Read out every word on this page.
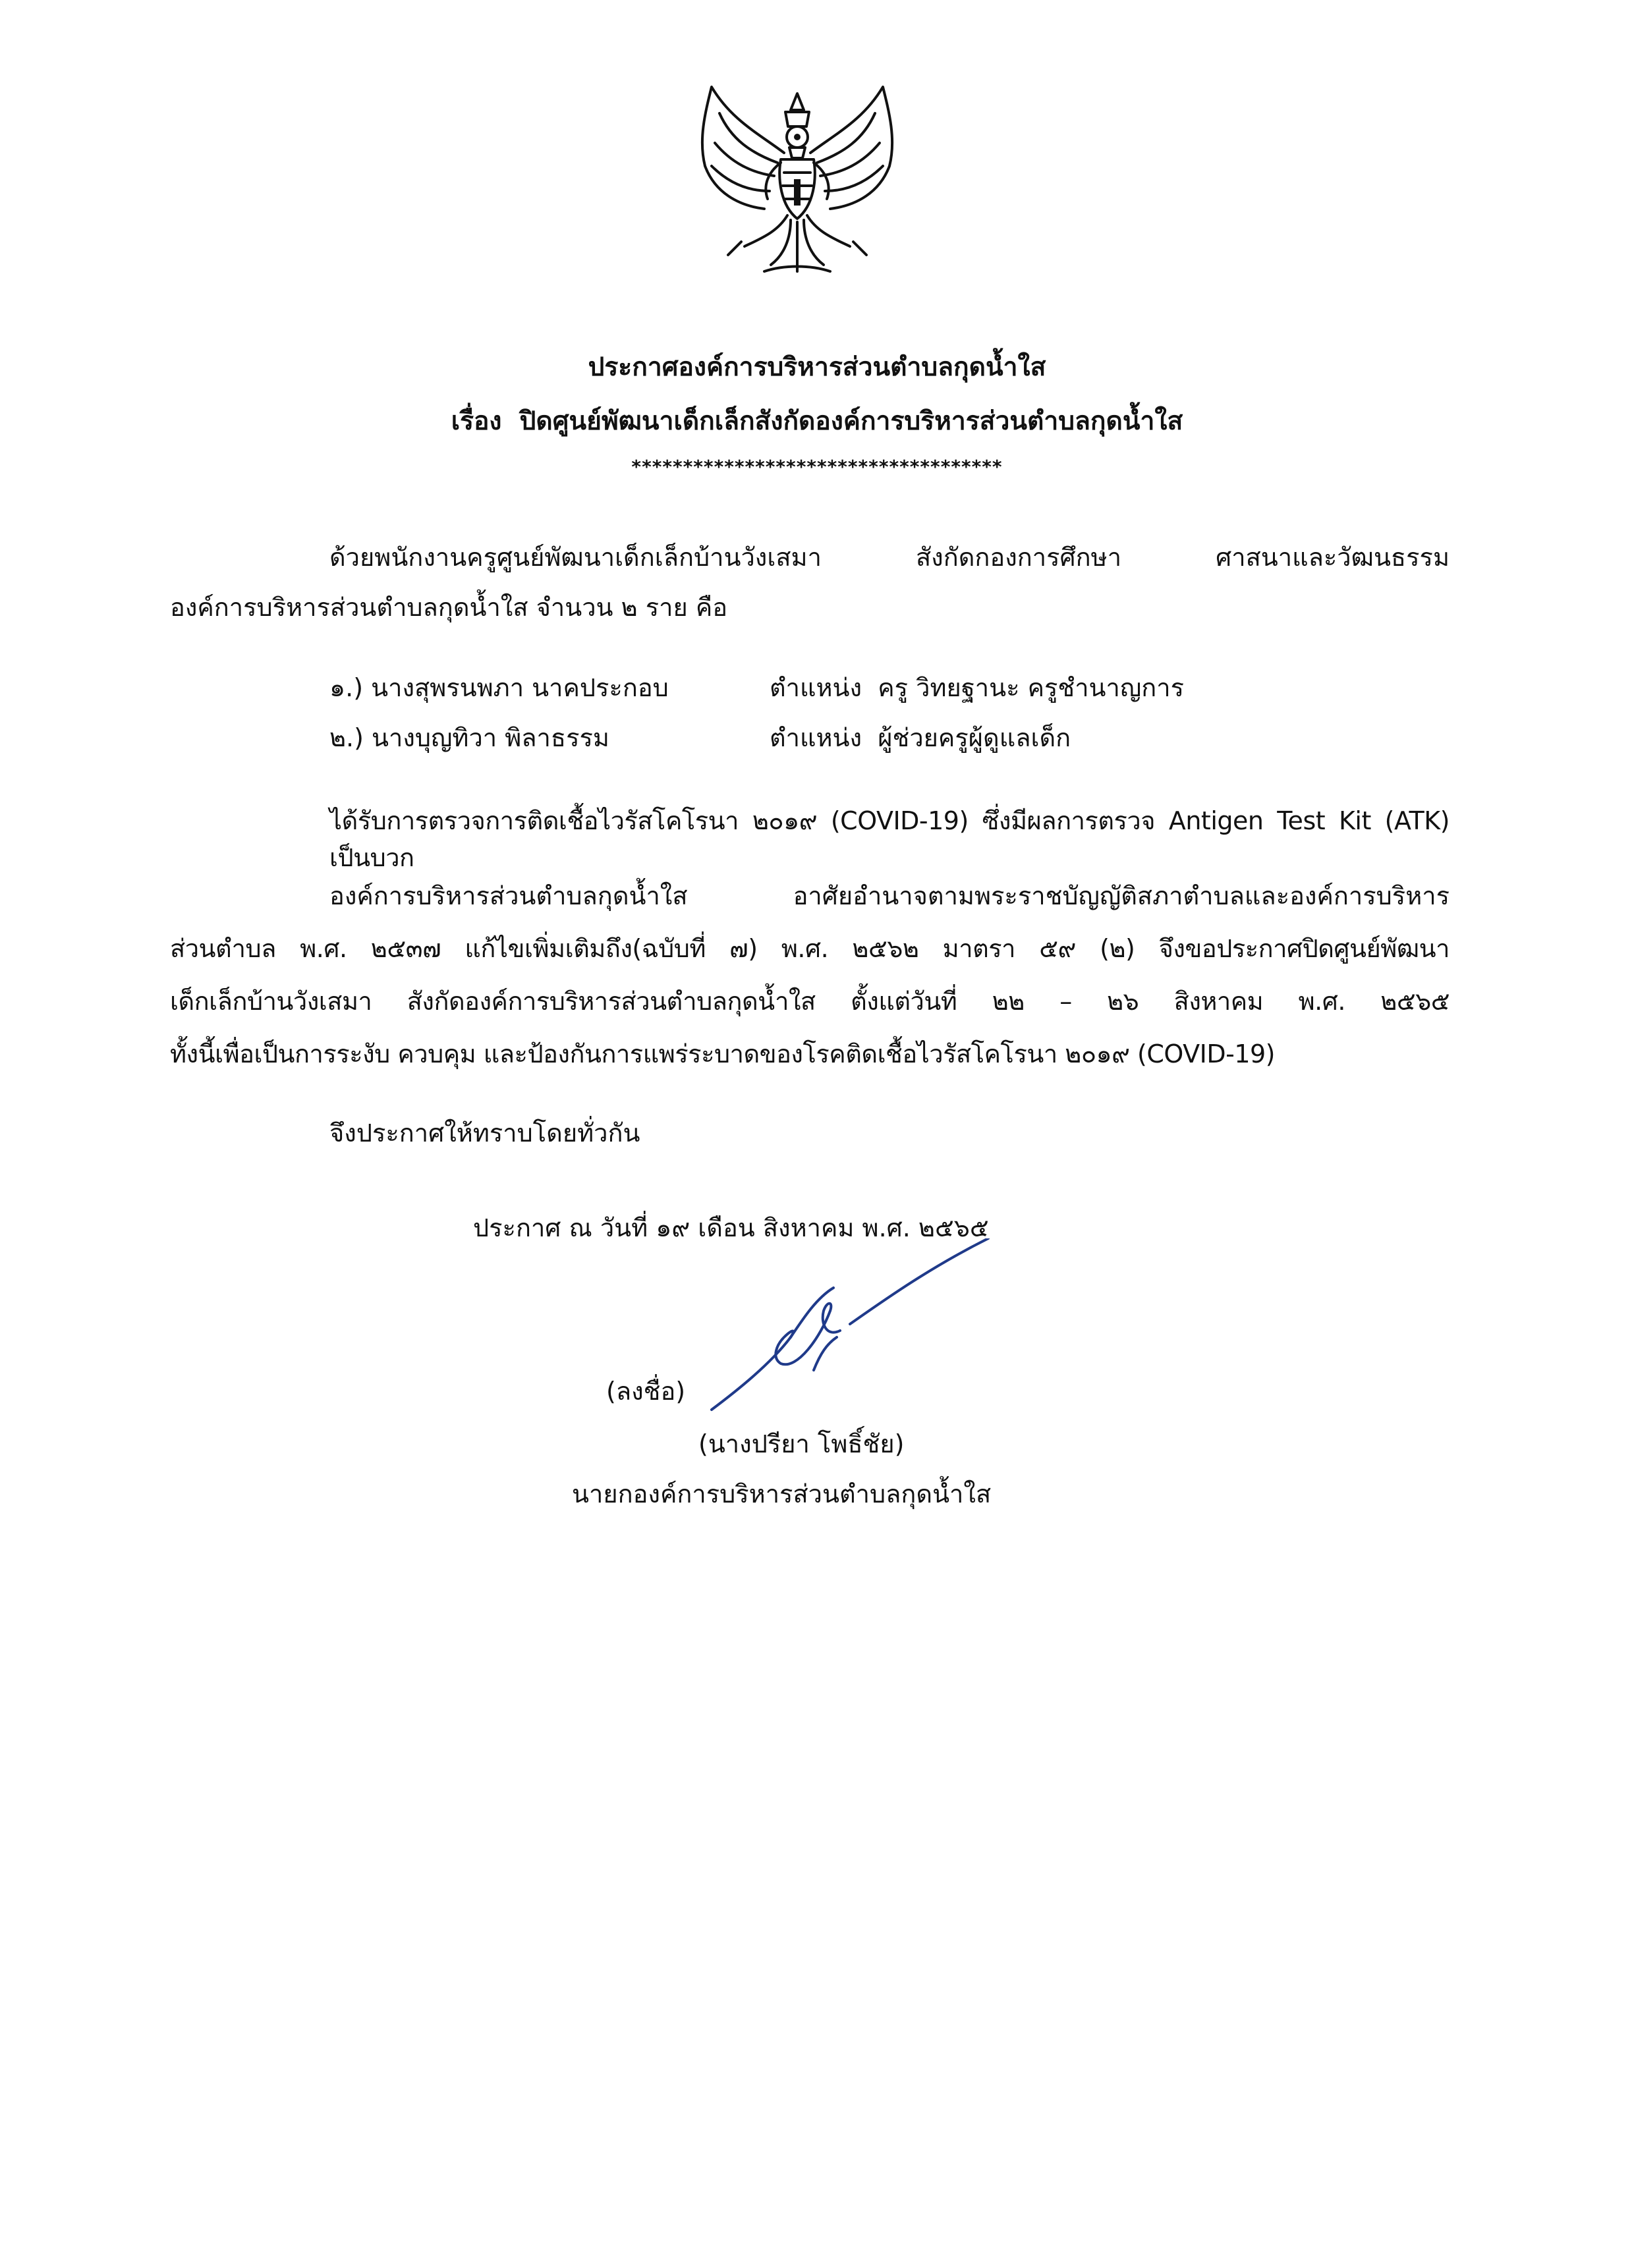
ประกาศองค์การบริหารส่วนตำบลกุดน้ำใส
เรื่อง ปิดศูนย์พัฒนาเด็กเล็กสังกัดองค์การบริหารส่วนตำบลกุดน้ำใส
************************************
ด้วยพนักงานครูศูนย์พัฒนาเด็กเล็กบ้านวังเสมา สังกัดกองการศึกษา ศาสนาและวัฒนธรรม
องค์การบริหารส่วนตำบลกุดน้ำใส จำนวน ๒ ราย คือ
๑.) นางสุพรนพภา นาคประกอบ	ตำแหน่ง ครู วิทยฐานะ ครูชำนาญการ
๒.) นางบุญทิวา พิลาธรรม	ตำแหน่ง ผู้ช่วยครูผู้ดูแลเด็ก
ได้รับการตรวจการติดเชื้อไวรัสโคโรนา ๒๐๑๙ (COVID-19) ซึ่งมีผลการตรวจ Antigen Test Kit (ATK) เป็นบวก
องค์การบริหารส่วนตำบลกุดน้ำใส อาศัยอำนาจตามพระราชบัญญัติสภาตำบลและองค์การบริหาร
ส่วนตำบล พ.ศ. ๒๕๓๗ แก้ไขเพิ่มเติมถึง(ฉบับที่ ๗) พ.ศ. ๒๕๖๒ มาตรา ๕๙ (๒) จึงขอประกาศปิดศูนย์พัฒนา
เด็กเล็กบ้านวังเสมา สังกัดองค์การบริหารส่วนตำบลกุดน้ำใส ตั้งแต่วันที่ ๒๒ – ๒๖ สิงหาคม พ.ศ. ๒๕๖๕
ทั้งนี้เพื่อเป็นการระงับ ควบคุม และป้องกันการแพร่ระบาดของโรคติดเชื้อไวรัสโคโรนา ๒๐๑๙ (COVID-19)
จึงประกาศให้ทราบโดยทั่วกัน
ประกาศ ณ วันที่ ๑๙ เดือน สิงหาคม พ.ศ. ๒๕๖๕
(ลงชื่อ)
(นางปรียา โพธิ์ชัย)
นายกองค์การบริหารส่วนตำบลกุดน้ำใส
